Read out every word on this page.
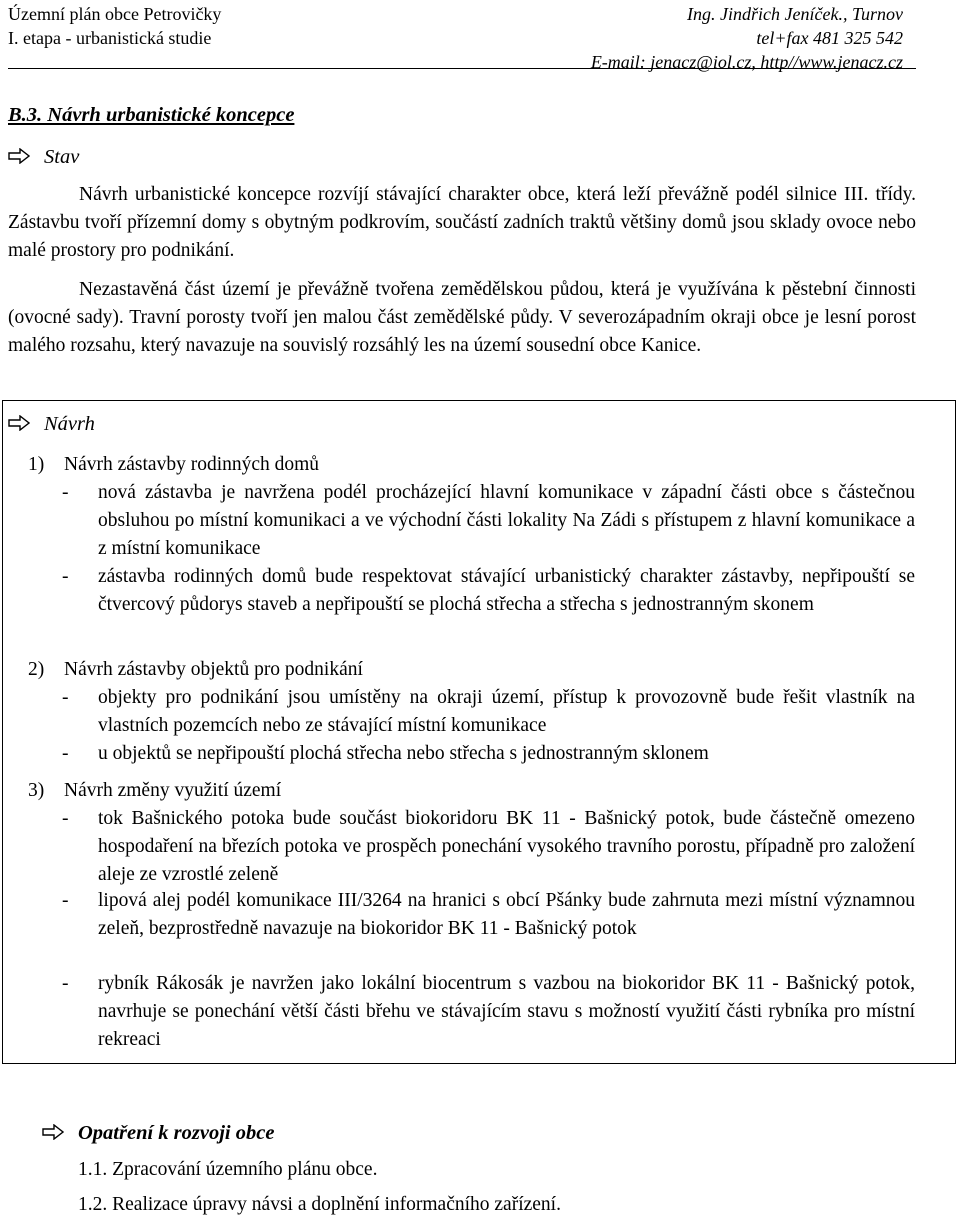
Územní plán obce Petrovičky
I. etapa - urbanistická studie
Ing. Jindřich Jeníček., Turnov
tel+fax 481 325 542
E-mail: jenacz@iol.cz, http//www.jenacz.cz
B.3. Návrh urbanistické koncepce
Stav
Návrh urbanistické koncepce rozvíjí stávající charakter obce, která leží převážně podél silnice III. třídy. Zástavbu tvoří přízemní domy s obytným podkrovím, součástí zadních traktů většiny domů jsou sklady ovoce nebo malé prostory pro podnikání.
Nezastavěná část území je převážně tvořena zemědělskou půdou, která je využívána k pěstební činnosti (ovocné sady). Travní porosty tvoří jen malou část zemědělské půdy. V severozápadním okraji obce je lesní porost malého rozsahu, který navazuje na souvislý rozsáhlý les na území sousední obce Kanice.
Návrh
1) Návrh zástavby rodinných domů
- nová zástavba je navržena podél procházející hlavní komunikace v západní části obce s částečnou obsluhou po místní komunikaci a ve východní části lokality Na Zádi s přístupem z hlavní komunikace a z místní komunikace
- zástavba rodinných domů bude respektovat stávající urbanistický charakter zástavby, nepřipouští se čtvercový půdorys staveb a nepřipouští se plochá střecha a střecha s jednostranným skonem
2) Návrh zástavby objektů pro podnikání
- objekty pro podnikání jsou umístěny na okraji území, přístup k provozovně bude řešit vlastník na vlastních pozemcích nebo ze stávající místní komunikace
- u objektů se nepřipouští plochá střecha nebo střecha s jednostranným sklonem
3) Návrh změny využití území
- tok Bašnického potoka bude součást biokoridoru BK 11 - Bašnický potok, bude částečně omezeno hospodaření na březích potoka ve prospěch ponechání vysokého travního porostu, případně pro založení aleje ze vzrostlé zeleně
- lipová alej podél komunikace III/3264 na hranici s obcí Pšánky bude zahrnuta mezi místní významnou zeleň, bezprostředně navazuje na biokoridor BK 11 - Bašnický potok
- rybník Rákosák je navržen jako lokální biocentrum s vazbou na biokoridor BK 11 - Bašnický potok, navrhuje se ponechání větší části břehu ve stávajícím stavu s možností využití části rybníka pro místní rekreaci
Opatření k rozvoji obce
1.1. Zpracování územního plánu obce.
1.2. Realizace úpravy návsi a doplnění informačního zařízení.
